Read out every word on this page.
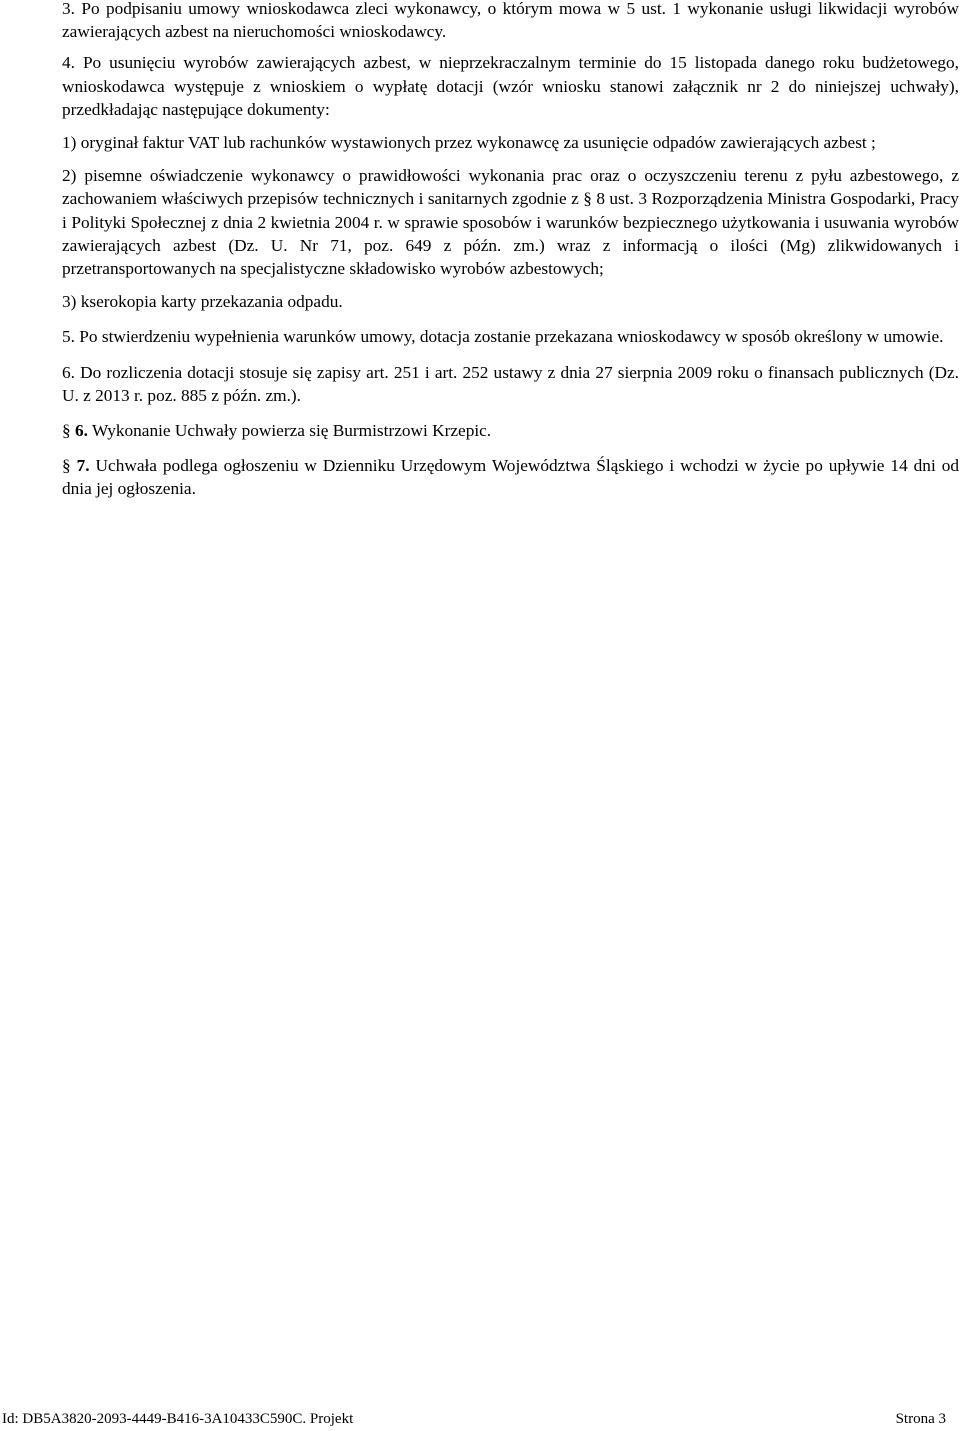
3. Po podpisaniu umowy wnioskodawca zleci wykonawcy, o którym mowa w 5 ust. 1 wykonanie usługi likwidacji wyrobów zawierających azbest na nieruchomości wnioskodawcy.

4. Po usunięciu wyrobów zawierających azbest, w nieprzekraczalnym terminie do 15 listopada danego roku budżetowego, wnioskodawca występuje z wnioskiem o wypłatę dotacji (wzór wniosku stanowi załącznik nr 2 do niniejszej uchwały), przedkładając następujące dokumenty:

1) oryginał faktur VAT lub rachunków wystawionych przez wykonawcę za usunięcie odpadów zawierających azbest ;

2) pisemne oświadczenie wykonawcy o prawidłowości wykonania prac oraz o oczyszczeniu terenu z pyłu azbestowego, z zachowaniem właściwych przepisów technicznych i sanitarnych zgodnie z § 8 ust. 3 Rozporządzenia Ministra Gospodarki, Pracy i Polityki Społecznej z dnia 2 kwietnia 2004 r. w sprawie sposobów i warunków bezpiecznego użytkowania i usuwania wyrobów zawierających azbest (Dz. U. Nr 71, poz. 649 z późn. zm.) wraz z informacją o ilości (Mg) zlikwidowanych i przetransportowanych na specjalistyczne składowisko wyrobów azbestowych;

3) kserokopia karty przekazania odpadu.

5. Po stwierdzeniu wypełnienia warunków umowy, dotacja zostanie przekazana wnioskodawcy w sposób określony w umowie.

6. Do rozliczenia dotacji stosuje się zapisy art. 251 i art. 252 ustawy z dnia 27 sierpnia 2009 roku o finansach publicznych (Dz. U. z 2013 r. poz. 885 z późn. zm.).

§ 6. Wykonanie Uchwały powierza się Burmistrzowi Krzepic.

§ 7. Uchwała podlega ogłoszeniu w Dzienniku Urzędowym Województwa Śląskiego i wchodzi w życie po upływie 14 dni od dnia jej ogłoszenia.

Id: DB5A3820-2093-4449-B416-3A10433C590C. Projekt	Strona 3
